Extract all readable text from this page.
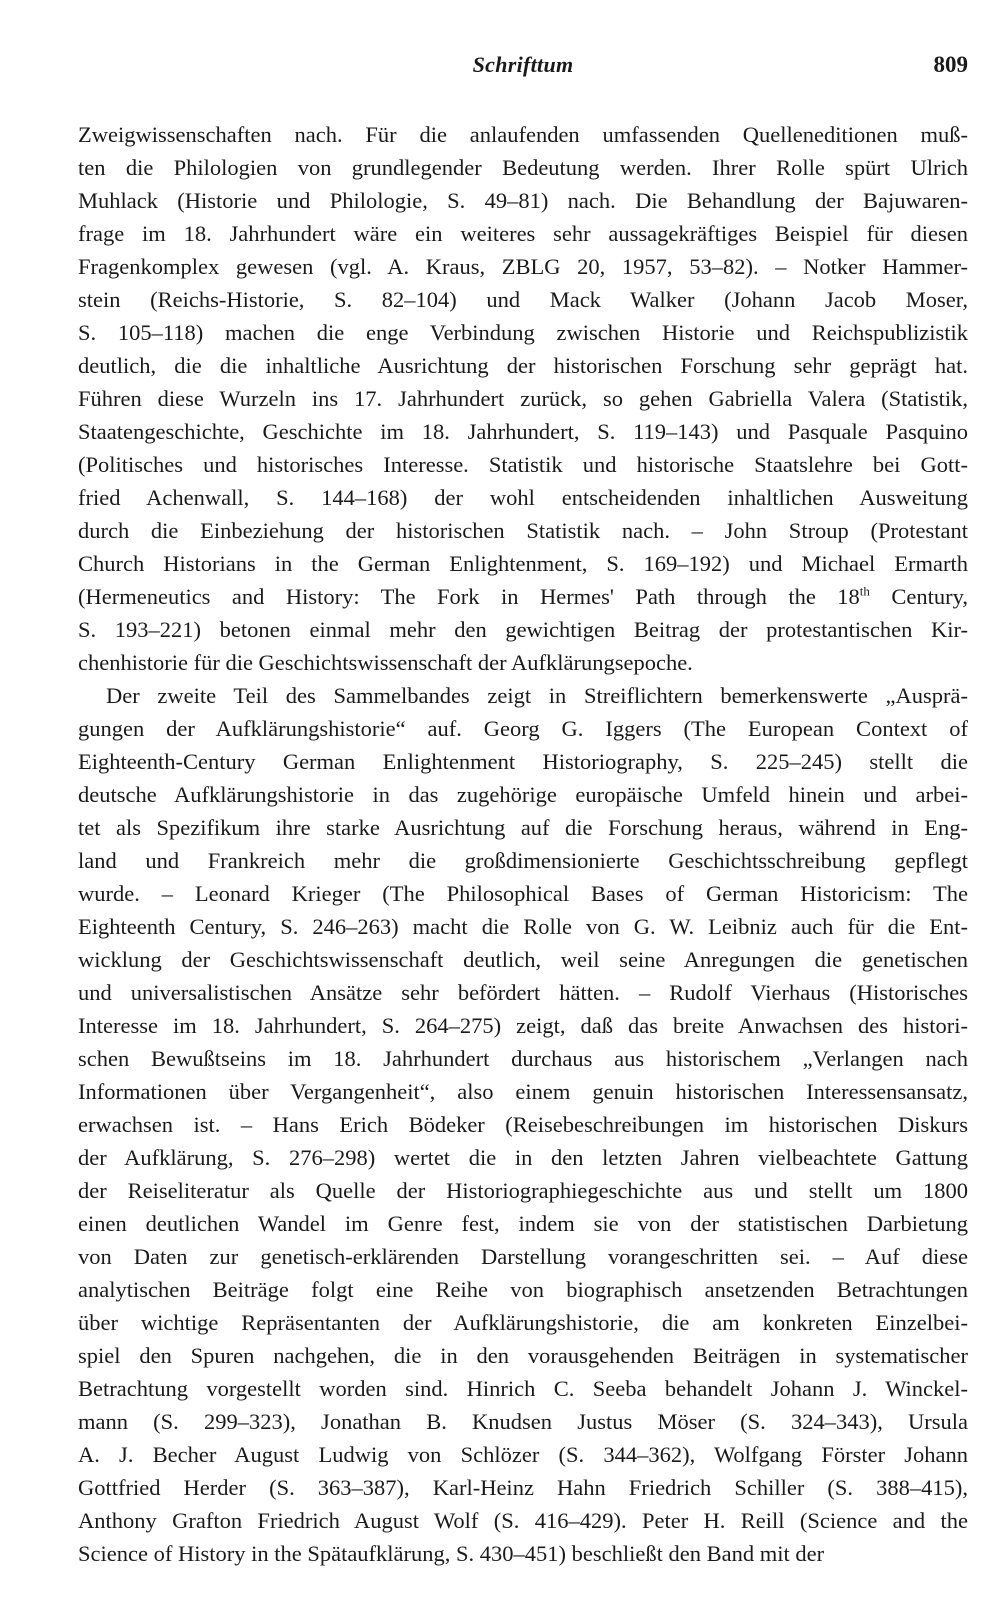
Schrifttum	809
Zweigwissenschaften nach. Für die anlaufenden umfassenden Quelleneditionen muß-
ten die Philologien von grundlegender Bedeutung werden. Ihrer Rolle spürt Ulrich
Muhlack (Historie und Philologie, S. 49–81) nach. Die Behandlung der Bajuwaren-
frage im 18. Jahrhundert wäre ein weiteres sehr aussagekräftiges Beispiel für diesen
Fragenkomplex gewesen (vgl. A. Kraus, ZBLG 20, 1957, 53–82). – Notker Hammer-
stein (Reichs-Historie, S. 82–104) und Mack Walker (Johann Jacob Moser,
S. 105–118) machen die enge Verbindung zwischen Historie und Reichspublizistik
deutlich, die die inhaltliche Ausrichtung der historischen Forschung sehr geprägt hat.
Führen diese Wurzeln ins 17. Jahrhundert zurück, so gehen Gabriella Valera (Statistik,
Staatengeschichte, Geschichte im 18. Jahrhundert, S. 119–143) und Pasquale Pasquino
(Politisches und historisches Interesse. Statistik und historische Staatslehre bei Gott-
fried Achenwall, S. 144–168) der wohl entscheidenden inhaltlichen Ausweitung
durch die Einbeziehung der historischen Statistik nach. – John Stroup (Protestant
Church Historians in the German Enlightenment, S. 169–192) und Michael Ermarth
(Hermeneutics and History: The Fork in Hermes' Path through the 18th Century,
S. 193–221) betonen einmal mehr den gewichtigen Beitrag der protestantischen Kir-
chenhistorie für die Geschichtswissenschaft der Aufklärungsepoche.
Der zweite Teil des Sammelbandes zeigt in Streiflichtern bemerkenswerte „Ausprä-
gungen der Aufklärungshistorie“ auf. Georg G. Iggers (The European Context of
Eighteenth-Century German Enlightenment Historiography, S. 225–245) stellt die
deutsche Aufklärungshistorie in das zugehörige europäische Umfeld hinein und arbei-
tet als Spezifikum ihre starke Ausrichtung auf die Forschung heraus, während in Eng-
land und Frankreich mehr die großdimensionierte Geschichtsschreibung gepflegt
wurde. – Leonard Krieger (The Philosophical Bases of German Historicism: The
Eighteenth Century, S. 246–263) macht die Rolle von G. W. Leibniz auch für die Ent-
wicklung der Geschichtswissenschaft deutlich, weil seine Anregungen die genetischen
und universalistischen Ansätze sehr befördert hätten. – Rudolf Vierhaus (Historisches
Interesse im 18. Jahrhundert, S. 264–275) zeigt, daß das breite Anwachsen des histori-
schen Bewußtseins im 18. Jahrhundert durchaus aus historischem „Verlangen nach
Informationen über Vergangenheit“, also einem genuin historischen Interessensansatz,
erwachsen ist. – Hans Erich Bödeker (Reisebeschreibungen im historischen Diskurs
der Aufklärung, S. 276–298) wertet die in den letzten Jahren vielbeachtete Gattung
der Reiseliteratur als Quelle der Historiographiegeschichte aus und stellt um 1800
einen deutlichen Wandel im Genre fest, indem sie von der statistischen Darbietung
von Daten zur genetisch-erklärenden Darstellung vorangeschritten sei. – Auf diese
analytischen Beiträge folgt eine Reihe von biographisch ansetzenden Betrachtungen
über wichtige Repräsentanten der Aufklärungshistorie, die am konkreten Einzelbei-
spiel den Spuren nachgehen, die in den vorausgehenden Beiträgen in systematischer
Betrachtung vorgestellt worden sind. Hinrich C. Seeba behandelt Johann J. Winckel-
mann (S. 299–323), Jonathan B. Knudsen Justus Möser (S. 324–343), Ursula
A. J. Becher August Ludwig von Schlözer (S. 344–362), Wolfgang Förster Johann
Gottfried Herder (S. 363–387), Karl-Heinz Hahn Friedrich Schiller (S. 388–415),
Anthony Grafton Friedrich August Wolf (S. 416–429). Peter H. Reill (Science and the
Science of History in the Spätaufklärung, S. 430–451) beschließt den Band mit der
